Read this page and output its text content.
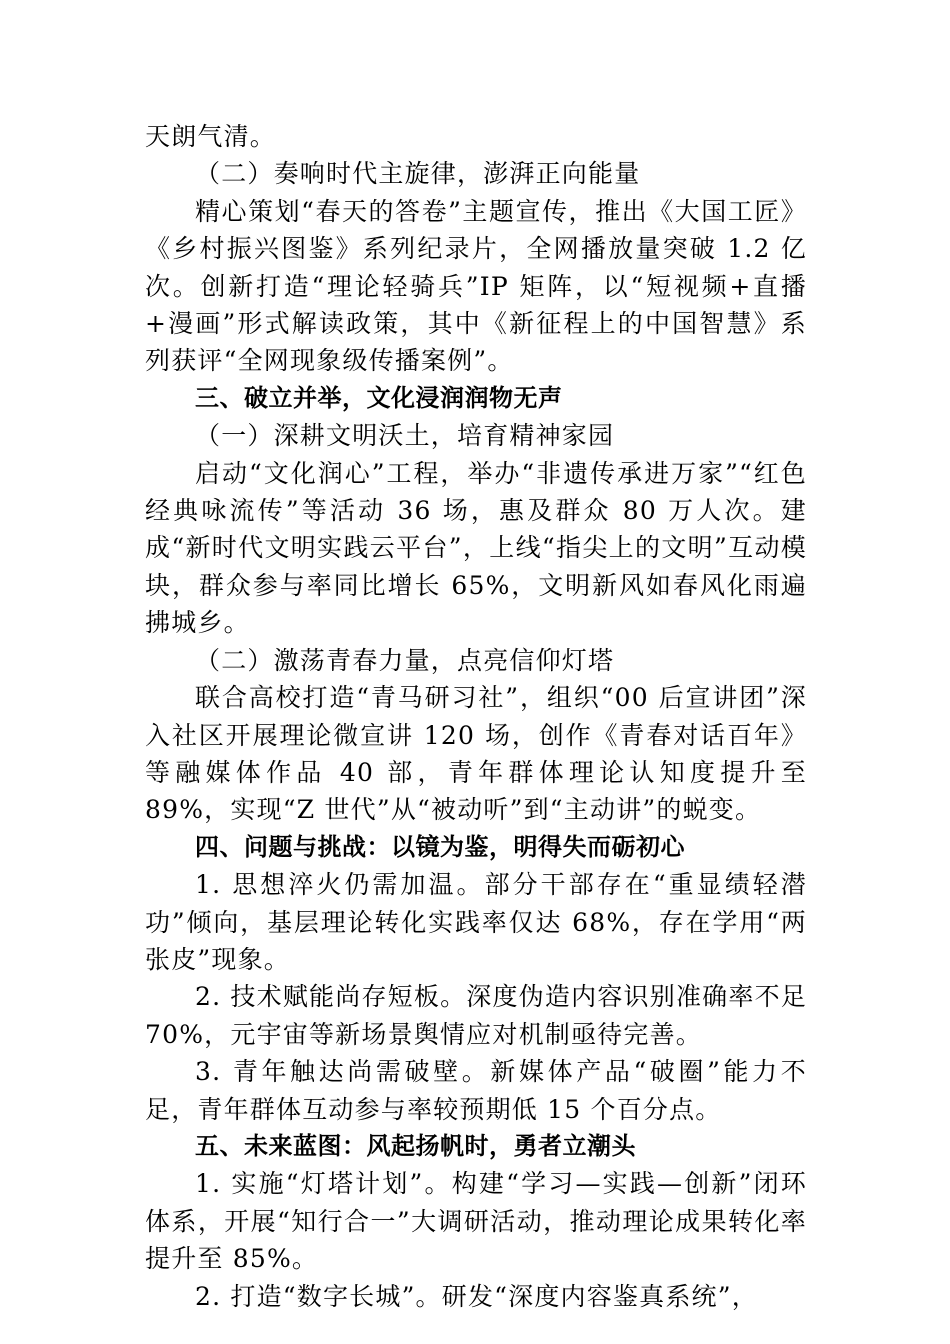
天朗气清。

（二）奏响时代主旋律，澎湃正向能量

精心策划“春天的答卷”主题宣传，推出《大国工匠》《乡村振兴图鉴》系列纪录片，全网播放量突破 1.2 亿次。创新打造“理论轻骑兵”IP 矩阵，以“短视频+直播+漫画”形式解读政策，其中《新征程上的中国智慧》系列获评“全网现象级传播案例”。

三、破立并举，文化浸润润物无声

（一）深耕文明沃土，培育精神家园

启动“文化润心”工程，举办“非遗传承进万家”“红色经典咏流传”等活动 36 场，惠及群众 80 万人次。建成“新时代文明实践云平台”，上线“指尖上的文明”互动模块，群众参与率同比增长 65%，文明新风如春风化雨遍拂城乡。

（二）激荡青春力量，点亮信仰灯塔

联合高校打造“青马研习社”，组织“00 后宣讲团”深入社区开展理论微宣讲 120 场，创作《青春对话百年》等融媒体作品 40 部，青年群体理论认知度提升至 89%，实现“Z 世代”从“被动听”到“主动讲”的蜕变。

四、问题与挑战：以镜为鉴，明得失而砺初心

1. 思想淬火仍需加温。部分干部存在“重显绩轻潜功”倾向，基层理论转化实践率仅达 68%，存在学用“两张皮”现象。

2. 技术赋能尚存短板。深度伪造内容识别准确率不足 70%，元宇宙等新场景舆情应对机制亟待完善。

3. 青年触达尚需破壁。新媒体产品“破圈”能力不足，青年群体互动参与率较预期低 15 个百分点。

五、未来蓝图：风起扬帆时，勇者立潮头

1. 实施“灯塔计划”。构建“学习—实践—创新”闭环体系，开展“知行合一”大调研活动，推动理论成果转化率提升至 85%。

2. 打造“数字长城”。研发“深度内容鉴真系统”，
